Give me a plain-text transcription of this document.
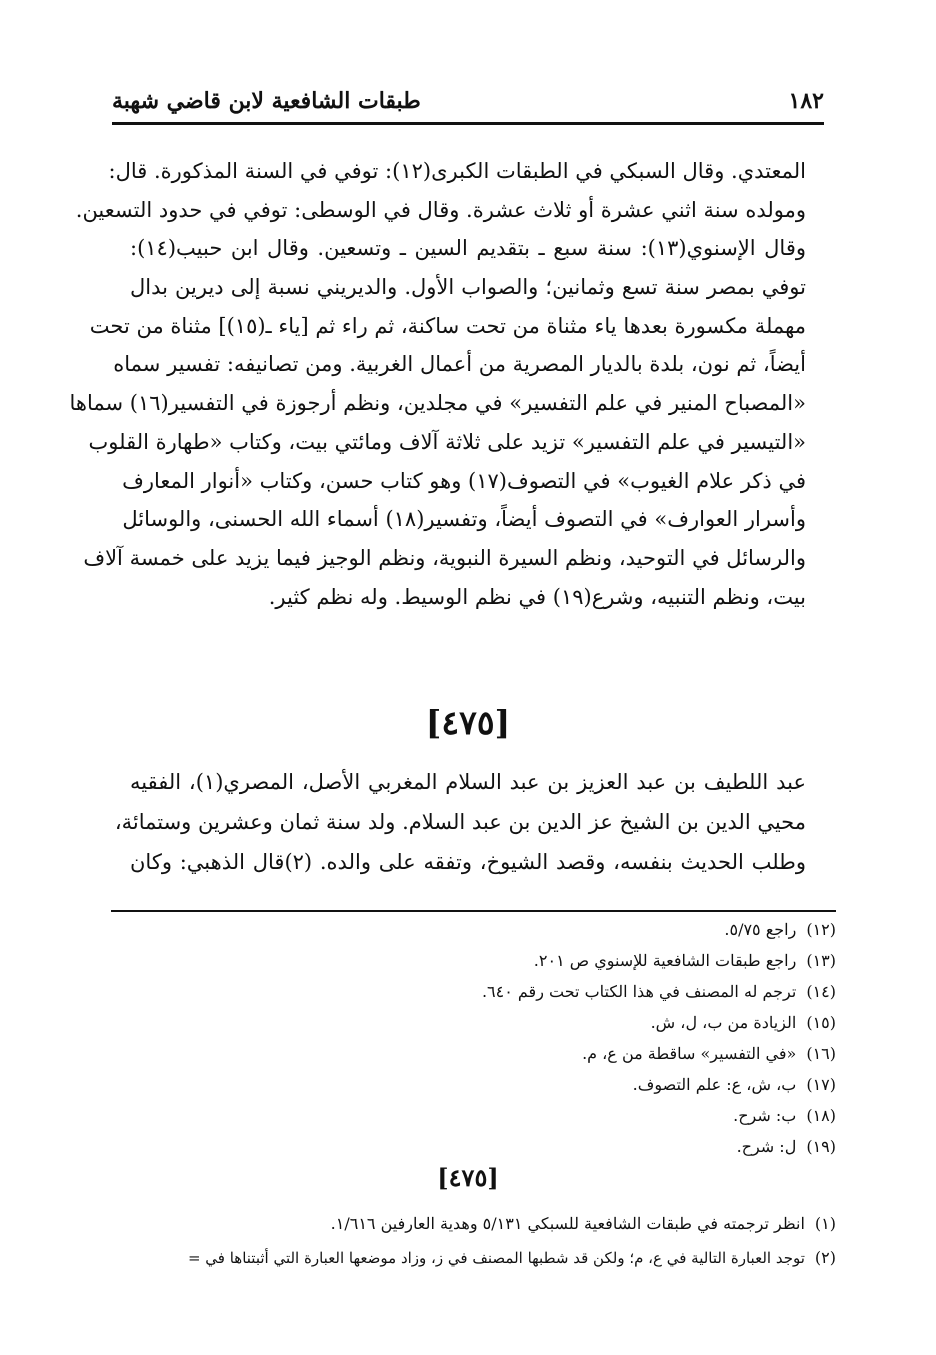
١٨٢
طبقات الشافعية لابن قاضي شهبة
المعتدي. وقال السبكي في الطبقات الكبرى(١٢): توفي في السنة المذكورة. قال:
ومولده سنة اثني عشرة أو ثلاث عشرة. وقال في الوسطى: توفي في حدود التسعين.
وقال الإسنوي(١٣): سنة سبع ـ بتقديم السين ـ وتسعين. وقال ابن حبيب(١٤):
توفي بمصر سنة تسع وثمانين؛ والصواب الأول. والديريني نسبة إلى ديرين بدال
مهملة مكسورة بعدها ياء مثناة من تحت ساكنة، ثم راء ثم [ياء ـ(١٥)] مثناة من تحت
أيضاً، ثم نون، بلدة بالديار المصرية من أعمال الغربية. ومن تصانيفه: تفسير سماه
«المصباح المنير في علم التفسير» في مجلدين، ونظم أرجوزة في التفسير(١٦) سماها
«التيسير في علم التفسير» تزيد على ثلاثة آلاف ومائتي بيت، وكتاب «طهارة القلوب
في ذكر علام الغيوب» في التصوف(١٧) وهو كتاب حسن، وكتاب «أنوار المعارف
وأسرار العوارف» في التصوف أيضاً، وتفسير(١٨) أسماء الله الحسنى، والوسائل
والرسائل في التوحيد، ونظم السيرة النبوية، ونظم الوجيز فيما يزيد على خمسة آلاف
بيت، ونظم التنبيه، وشرع(١٩) في نظم الوسيط. وله نظم كثير.
[٤٧٥]
عبد اللطيف بن عبد العزيز بن عبد السلام المغربي الأصل، المصري(١)، الفقيه
محيي الدين بن الشيخ عز الدين بن عبد السلام. ولد سنة ثمان وعشرين وستمائة،
وطلب الحديث بنفسه، وقصد الشيوخ، وتفقه على والده. (٢)قال الذهبي: وكان
(١٢)راجع ٥/٧٥.
(١٣)راجع طبقات الشافعية للإسنوي ص ٢٠١.
(١٤)ترجم له المصنف في هذا الكتاب تحت رقم ٦٤٠.
(١٥)الزيادة من ب، ل، ش.
(١٦)«في التفسير» ساقطة من ع، م.
(١٧)ب، ش، ع: علم التصوف.
(١٨)ب: شرح.
(١٩)ل: شرح.
[٤٧٥]
(١)انظر ترجمته في طبقات الشافعية للسبكي ٥/١٣١ وهدية العارفين ١/٦١٦.
(٢)توجد العبارة التالية في ع، م؛ ولكن قد شطبها المصنف في ز، وزاد موضعها العبارة التي أثبتناها في =
